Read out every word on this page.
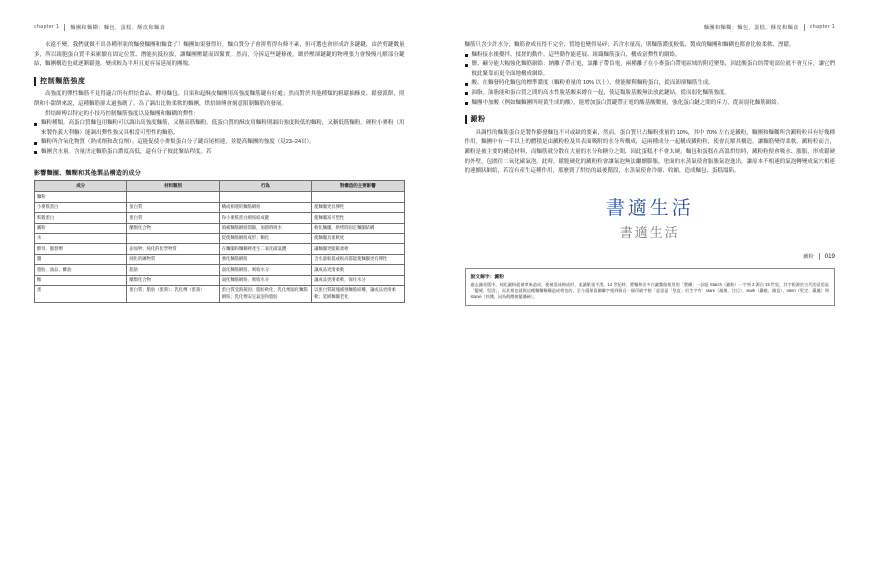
chapter 1 麵團和麵糊：麵包、蛋糕、酥皮和麵食

永遠不變，我們就做不出各種形狀的麵發麵團和麵食了！麵團如果發得好，麵白質分子會拼剪得有條不紊，但可選也會形成許多鏈鍵，由於剪鏈數量多，所以組胞蛋白質半束累續在固定位置、潛能抗抵拉拔，讓麵團壓鬆而固緊實。然而，分拆這些鏈條後，緻於壓卻鏈鍵的物理張力會慢慢凡解部分鍵結，麵團構造也就逐漸鬆弛，變成較為平坦且更容易延展的團塊。

控制麵筋強度

高強度的彈性麵筋不見得適合所有烘焙食品。酵母麵包、貝果和起酥皮麵團用高強度麵筋鍵有好處；然而對於其他種類的粗鬆抽酥皮、鬆發派餅、照餅和小甜餅來說，這種麵筋卻太過強韌了。為了調出比較柔軟的麵團，烘焙師傅會刻意限制麵筋的發展。

烘焙師傅以特定的小技巧控制麵筋強度以及麵團和麵糊的彈性：

麵粉種類。高蛋白質麵包用麵粉可以調出高強度麵筋，又稱高筋麵粉。低蛋白質的酥皮用麵粉則調出強度較低的麵粉，又稱低筋麵粉。硬粒小麥粉（用來製作義大利麵）能調出彈性強又具相當可塑性的麵筋。
麵粉所含氧化物質（熟成劑和改良劑）。這能促使小麥麩蛋白分子鍵首尾相連，並提高麵團的強度（見23–24頁）。
麵團含水量。含量決定麵筋蛋白濃度高低，還有分子彼此緊結程度。若
影響麵團、麵糊和其他製品構造的成分
成分	材料類別	行為	對構造的主要影響
麵粉			
小麥麩蛋白	蛋白質	構成相連的麵筋網絡	使麵團更具彈性
麩穀蛋白	蛋白質	和小麥麩蛋白網絡結成鍵	使麵團富可塑性
澱粉	醣類化合物	填補麵筋網絡間隙，加熱時吸水	軟化麵團，烘烤時固定麵團結構
水		促使麵筋網絡成形；糊化	使麵團具柔軟度
酵母、膨發劑	添加物；純化的化學物質	在麵團和麵糊裡產生二氧化碳氣體	讓麵團更膨鬆柔軟
鹽	純化的礦物質	強化麵筋網絡	含水量較低或較高都能使麵團更有彈性
脂肪、油品、酥油	脂肪	弱化麵筋網絡，吸收水分	讓成品更滑柔軟
糖	醣類化合物	弱化麵筋網絡，吸收水分	讓成品更滑柔軟，保住水分
蛋	蛋白質；脂肪（蛋黃）；乳化劑（蛋黃）	蛋白質受熱凝固；脂肪軟化、乳化劑弱化麵筋網絡；乳化劑安定氣泡和脂肪	以蛋白質凝塊補強麵筋結構，讓成品更滑柔軟；延緩麵團老化
麵團和麵糊：麵包、蛋糕、酥皮和麵食 chapter 1

麵筋只含少許水分，麵筋會成長得不完全，質地也變得易碎；若含水量高，則麵筋濃度較低、製成的麵團和麵糊也都會比較柔軟、溼鬆。

麵粉接水後攪拌、揉搓的動作。這些動作能延展、組織麵筋蛋白，構成富彈性的網絡。
鹽、鹼分能大幅強化麵筋網絡：納離子帶正電，氯離子帶負電，兩種離子在小麥蛋白帶電區域的附近聚集，因此酸蛋白的帶電部位就不會互斥，讓它們彼此緊靠而更全面地構成網絡。
酸。在麵發時化麵包的標準濃度（麵粉重量的 10% 以上），便能解釋麵粉蛋白，從而卸卻麵筋生成。
油脂。油脂能和蛋白質之間的高水性脫基酸束縛在一起，使這類脫基酸無法放此鏈結，從而弱化麵筋強度。
麵團中加酸（例如麵麵團所時黃生成的酸），能增加蛋白質鍵帶正電的酸基酸數量，強化蛋白鏈之間的斥力，從而弱化麵筋網絡。
澱粉

具調性的麵筋蛋白是製作膨發麵包不可或缺的要素，然而，蛋白質只占麵粉重量的 10%，其中 70% 左右是澱粉，麵團和麵糊所含澱粉粒具有好幾種作用。麵團中有一半以上的體積是由澱粉粒及其表面吸附的水分所構成，這兩種成分一起構成澱粉粒，使會瓦解其構造，讓麵筋變得柔軟。澱粉粒而言，澱粉是被主要的構造材料，而麵筋就分散在大量的水分和糖分之間，因此蛋糕才不會太硬。麵包和蛋糕在高溫烘焙時，澱粉粒便會吸水、脹脹，形成鬆硬的外壁，包圍住二氧化碳氣泡。此時，鬆脆硬化的澱粉粒會讓氣泡無法繼續膨脹，塗面的水蒸氣使會脹脹氣泡逸出，讓原本不相連的氣泡轉變成氣穴相連的連續狀網絡，若沒有產生這種作用，那麼到了烘焙的最後階段，水蒸氣使會冷卻、收縮，造成麵包、蛋糕塌陷。

書適生活
書適生活
澱粉 019
說文解字：澱粉
過去識英版中，純化澱粉就被拿來造成，使被混成棉成形，並讓紙張平滑。14 世紀時，將麵和出多白澱雙做使用的「漿糊」一詞是 Starch（澱粉）一字到 3 源自 15 世紀，其字根源於古代的意思是「變硬、堅固」，而其相也就與這種麵麵麵構造成相也的，至今還保留關聯字根到源自一個印歐字根「意思是「堅直」衍生字有：stare（凝視、注目）、stark（嚴峻、僵直）、stern（堅定、嚴厲）和starve（挨餓，因為飢餓使變僵硬）。
